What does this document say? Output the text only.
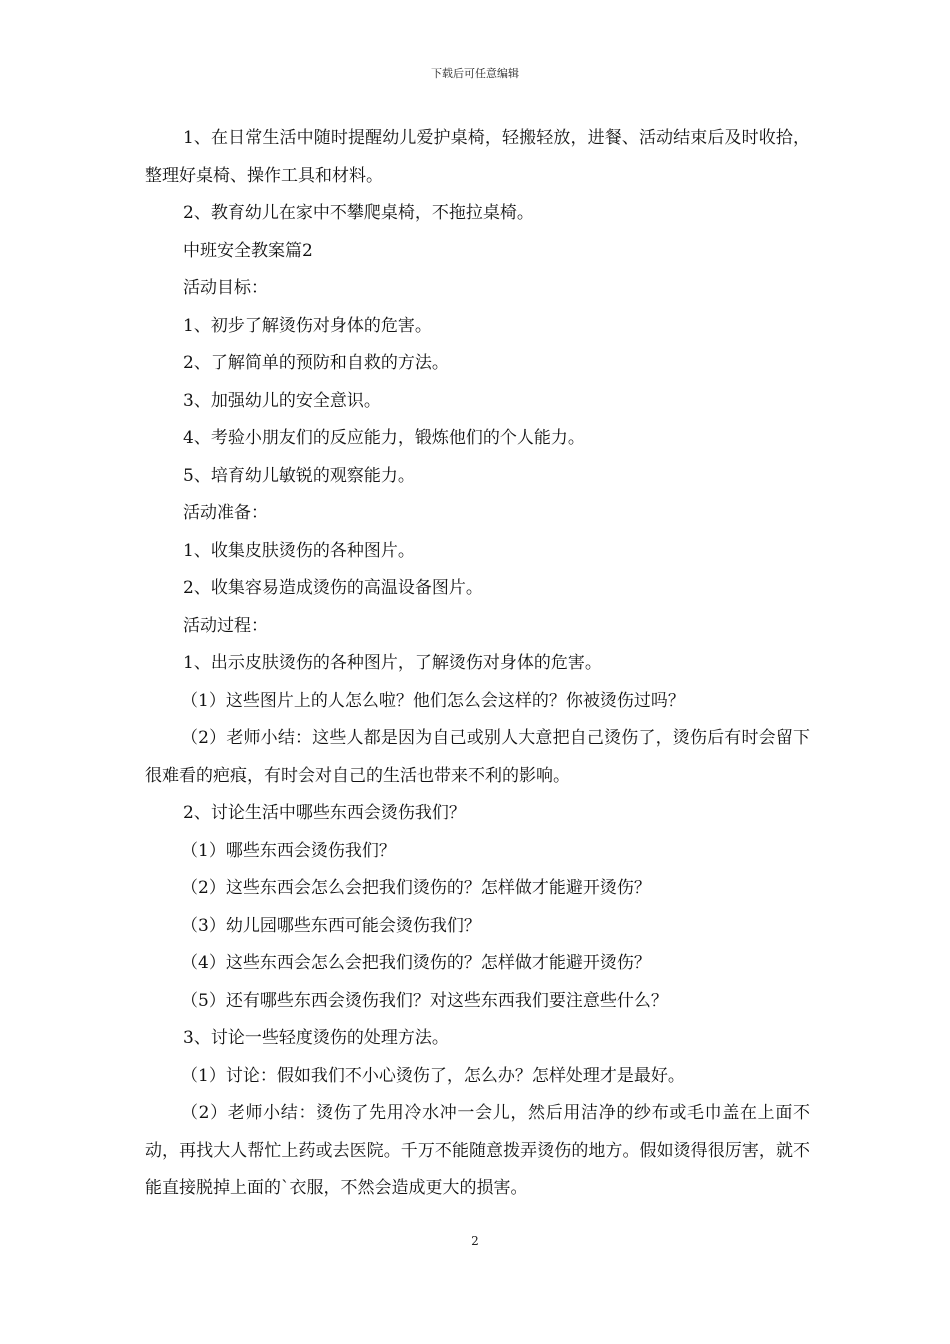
下载后可任意编辑

1、在日常生活中随时提醒幼儿爱护桌椅，轻搬轻放，进餐、活动结束后及时收拾，整理好桌椅、操作工具和材料。

2、教育幼儿在家中不攀爬桌椅，不拖拉桌椅。

中班安全教案篇2

活动目标：

1、初步了解烫伤对身体的危害。

2、了解简单的预防和自救的方法。

3、加强幼儿的安全意识。

4、考验小朋友们的反应能力，锻炼他们的个人能力。

5、培育幼儿敏锐的观察能力。

活动准备：

1、收集皮肤烫伤的各种图片。

2、收集容易造成烫伤的高温设备图片。

活动过程：

1、出示皮肤烫伤的各种图片，了解烫伤对身体的危害。

（1）这些图片上的人怎么啦？他们怎么会这样的？你被烫伤过吗？

（2）老师小结：这些人都是因为自己或别人大意把自己烫伤了，烫伤后有时会留下很难看的疤痕，有时会对自己的生活也带来不利的影响。

2、讨论生活中哪些东西会烫伤我们？

（1）哪些东西会烫伤我们？

（2）这些东西会怎么会把我们烫伤的？怎样做才能避开烫伤？

（3）幼儿园哪些东西可能会烫伤我们？

（4）这些东西会怎么会把我们烫伤的？怎样做才能避开烫伤？

（5）还有哪些东西会烫伤我们？对这些东西我们要注意些什么？

3、讨论一些轻度烫伤的处理方法。

（1）讨论：假如我们不小心烫伤了，怎么办？怎样处理才是最好。

（2）老师小结：烫伤了先用冷水冲一会儿，然后用洁净的纱布或毛巾盖在上面不动，再找大人帮忙上药或去医院。千万不能随意拨弄烫伤的地方。假如烫得很厉害，就不能直接脱掉上面的`衣服，不然会造成更大的损害。

2
